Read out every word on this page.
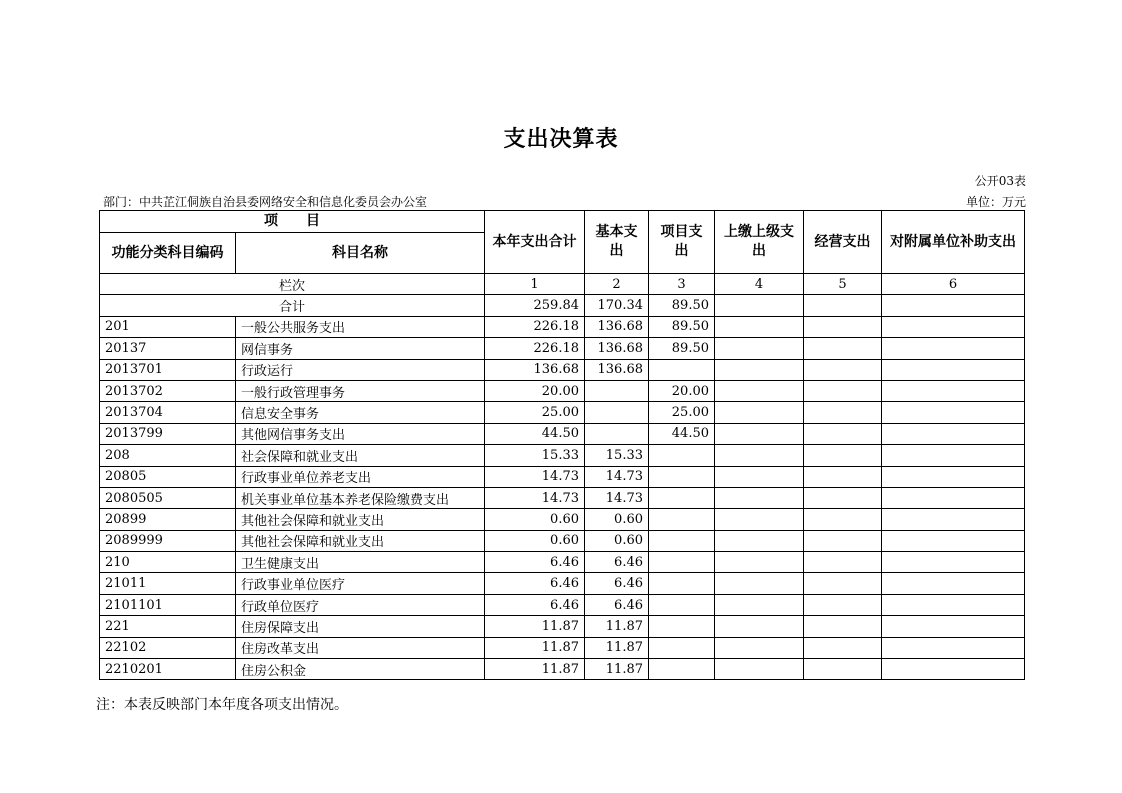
支出决算表
公开03表
部门：中共芷江侗族自治县委网络安全和信息化委员会办公室	单位：万元
项　　目		本年支出合计	基本支出	项目支出	上缴上级支出	经营支出	对附属单位补助支出
功能分类科目编码	科目名称						
栏次		1	2	3	4	5	6
合计		259.84	170.34	89.50			
201	一般公共服务支出	226.18	136.68	89.50			
20137	网信事务	226.18	136.68	89.50			
2013701	行政运行	136.68	136.68				
2013702	一般行政管理事务	20.00		20.00			
2013704	信息安全事务	25.00		25.00			
2013799	其他网信事务支出	44.50		44.50			
208	社会保障和就业支出	15.33	15.33				
20805	行政事业单位养老支出	14.73	14.73				
2080505	机关事业单位基本养老保险缴费支出	14.73	14.73				
20899	其他社会保障和就业支出	0.60	0.60				
2089999	其他社会保障和就业支出	0.60	0.60				
210	卫生健康支出	6.46	6.46				
21011	行政事业单位医疗	6.46	6.46				
2101101	行政单位医疗	6.46	6.46				
221	住房保障支出	11.87	11.87				
22102	住房改革支出	11.87	11.87				
2210201	住房公积金	11.87	11.87				
注：本表反映部门本年度各项支出情况。
